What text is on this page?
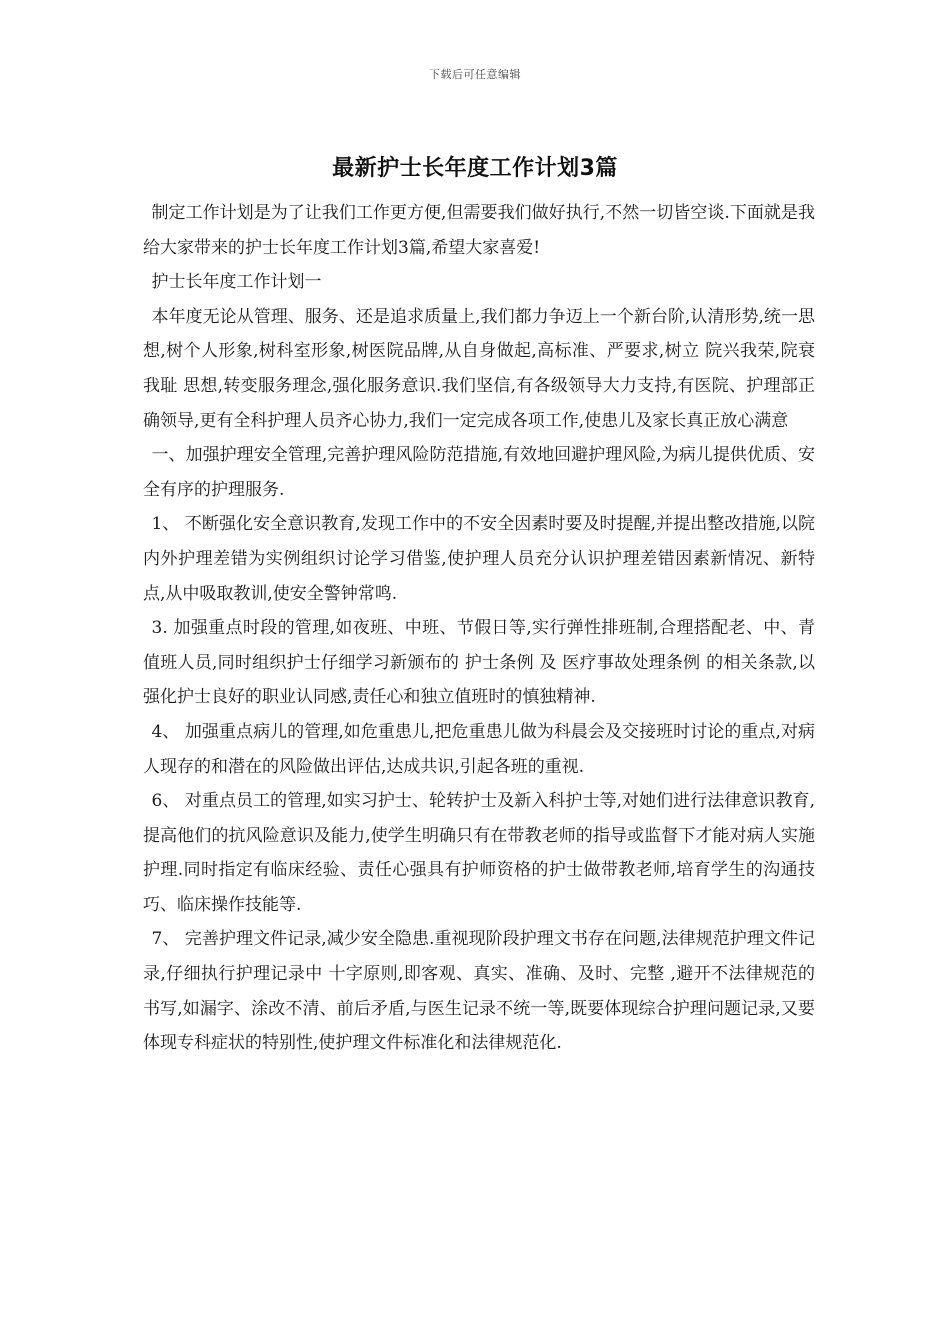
下载后可任意编辑
最新护士长年度工作计划3篇

制定工作计划是为了让我们工作更方便,但需要我们做好执行,不然一切皆空谈.下面就是我给大家带来的护士长年度工作计划3篇,希望大家喜爱!

护士长年度工作计划一

本年度无论从管理、服务、还是追求质量上,我们都力争迈上一个新台阶,认清形势,统一思想,树个人形象,树科室形象,树医院品牌,从自身做起,高标准、严要求,树立 院兴我荣,院衰我耻 思想,转变服务理念,强化服务意识.我们坚信,有各级领导大力支持,有医院、护理部正确领导,更有全科护理人员齐心协力,我们一定完成各项工作,使患儿及家长真正放心满意

一、加强护理安全管理,完善护理风险防范措施,有效地回避护理风险,为病儿提供优质、安全有序的护理服务.

1、 不断强化安全意识教育,发现工作中的不安全因素时要及时提醒,并提出整改措施,以院内外护理差错为实例组织讨论学习借鉴,使护理人员充分认识护理差错因素新情况、新特点,从中吸取教训,使安全警钟常鸣.

3. 加强重点时段的管理,如夜班、中班、节假日等,实行弹性排班制,合理搭配老、中、青值班人员,同时组织护士仔细学习新颁布的 护士条例 及 医疗事故处理条例 的相关条款,以强化护士良好的职业认同感,责任心和独立值班时的慎独精神.

4、 加强重点病儿的管理,如危重患儿,把危重患儿做为科晨会及交接班时讨论的重点,对病人现存的和潜在的风险做出评估,达成共识,引起各班的重视.

6、 对重点员工的管理,如实习护士、轮转护士及新入科护士等,对她们进行法律意识教育,提高他们的抗风险意识及能力,使学生明确只有在带教老师的指导或监督下才能对病人实施护理.同时指定有临床经验、责任心强具有护师资格的护士做带教老师,培育学生的沟通技巧、临床操作技能等.

7、 完善护理文件记录,减少安全隐患.重视现阶段护理文书存在问题,法律规范护理文件记录,仔细执行护理记录中 十字原则,即客观、真实、准确、及时、完整 ,避开不法律规范的书写,如漏字、涂改不清、前后矛盾,与医生记录不统一等,既要体现综合护理问题记录,又要体现专科症状的特别性,使护理文件标准化和法律规范化.
